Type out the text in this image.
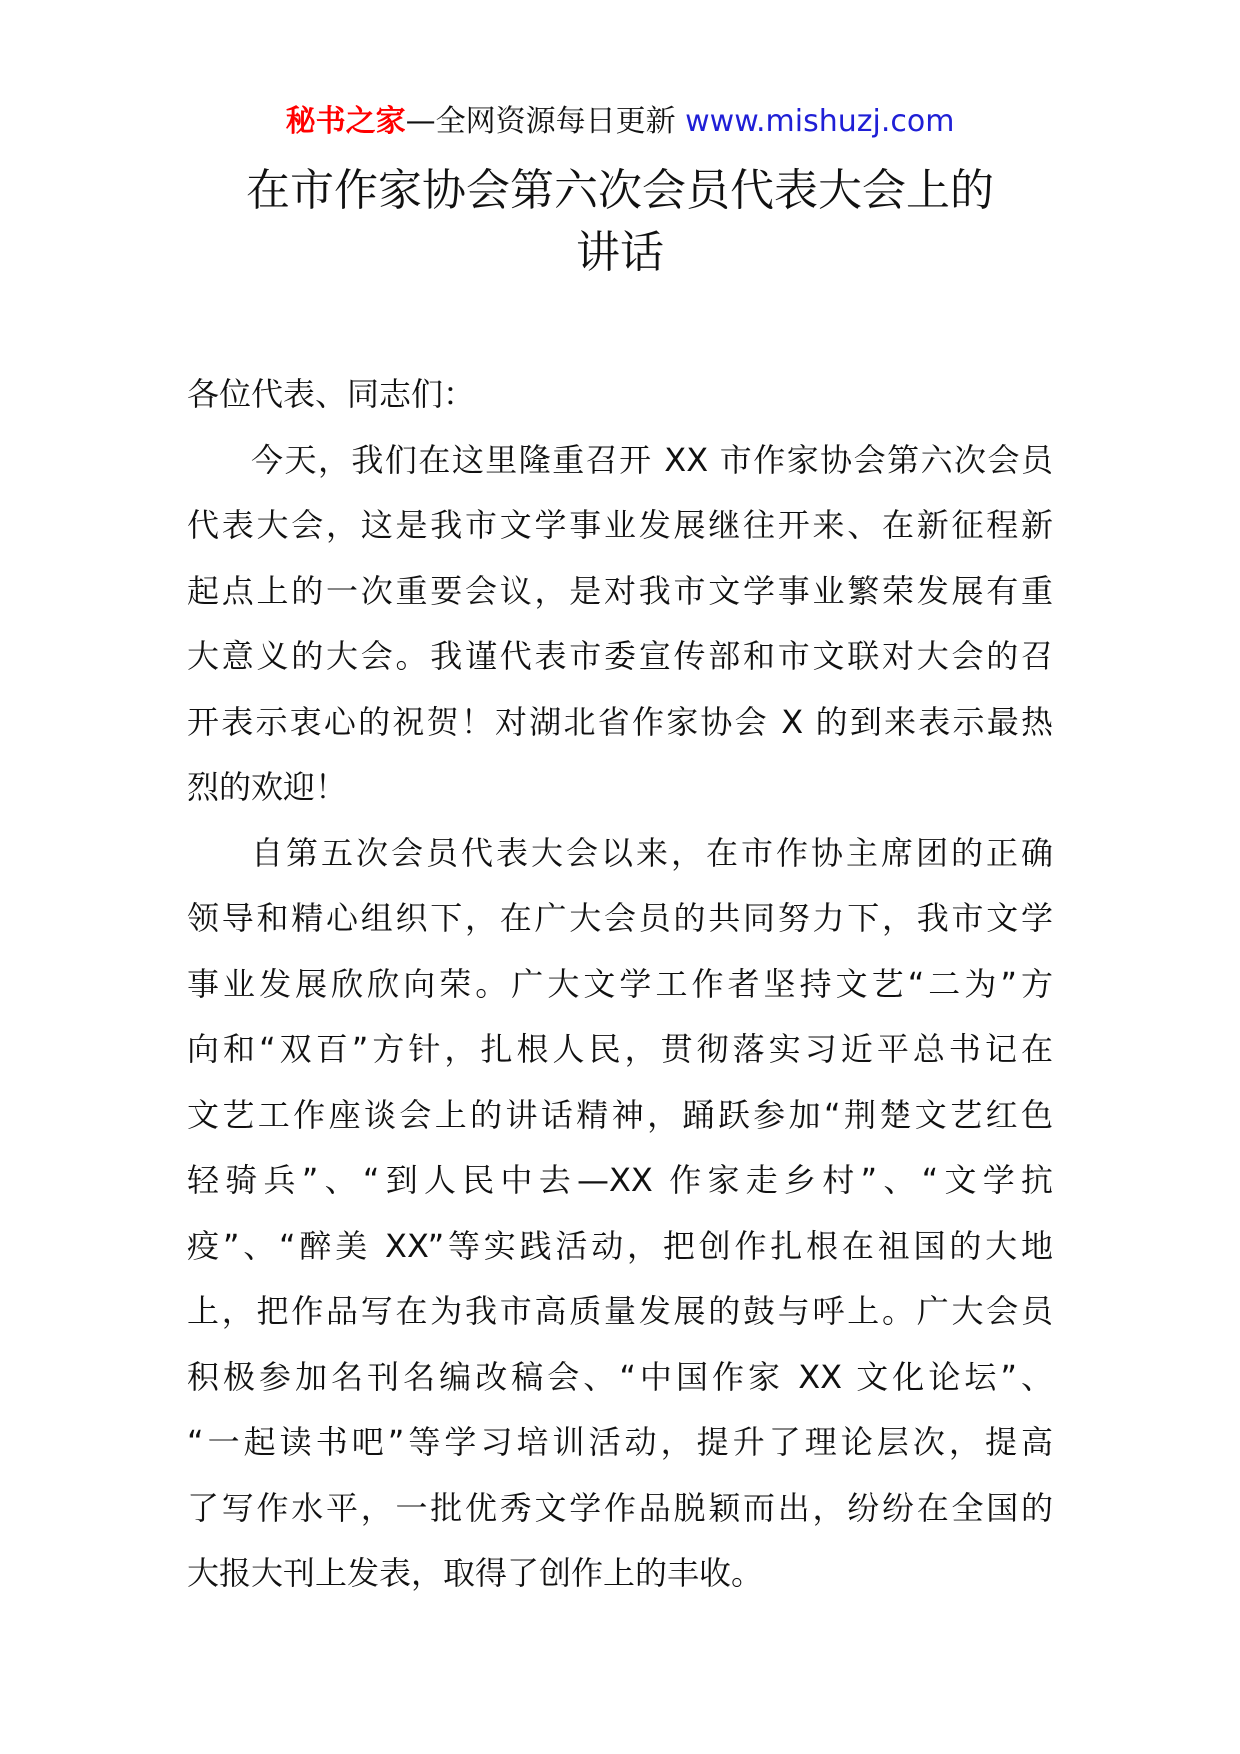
秘书之家—全网资源每日更新 www.mishuzj.com
在市作家协会第六次会员代表大会上的
讲话
各位代表、同志们：
今天，我们在这里隆重召开 XX 市作家协会第六次会员
代表大会，这是我市文学事业发展继往开来、在新征程新
起点上的一次重要会议，是对我市文学事业繁荣发展有重
大意义的大会。我谨代表市委宣传部和市文联对大会的召
开表示衷心的祝贺！对湖北省作家协会 X 的到来表示最热
烈的欢迎！
自第五次会员代表大会以来，在市作协主席团的正确
领导和精心组织下，在广大会员的共同努力下，我市文学
事业发展欣欣向荣。广大文学工作者坚持文艺“二为”方
向和“双百”方针，扎根人民，贯彻落实习近平总书记在
文艺工作座谈会上的讲话精神，踊跃参加“荆楚文艺红色
轻骑兵”、“到人民中去—XX 作家走乡村”、“文学抗
疫”、“醉美 XX”等实践活动，把创作扎根在祖国的大地
上，把作品写在为我市高质量发展的鼓与呼上。广大会员
积极参加名刊名编改稿会、“中国作家 XX 文化论坛”、
“一起读书吧”等学习培训活动，提升了理论层次，提高
了写作水平，一批优秀文学作品脱颖而出，纷纷在全国的
大报大刊上发表，取得了创作上的丰收。
